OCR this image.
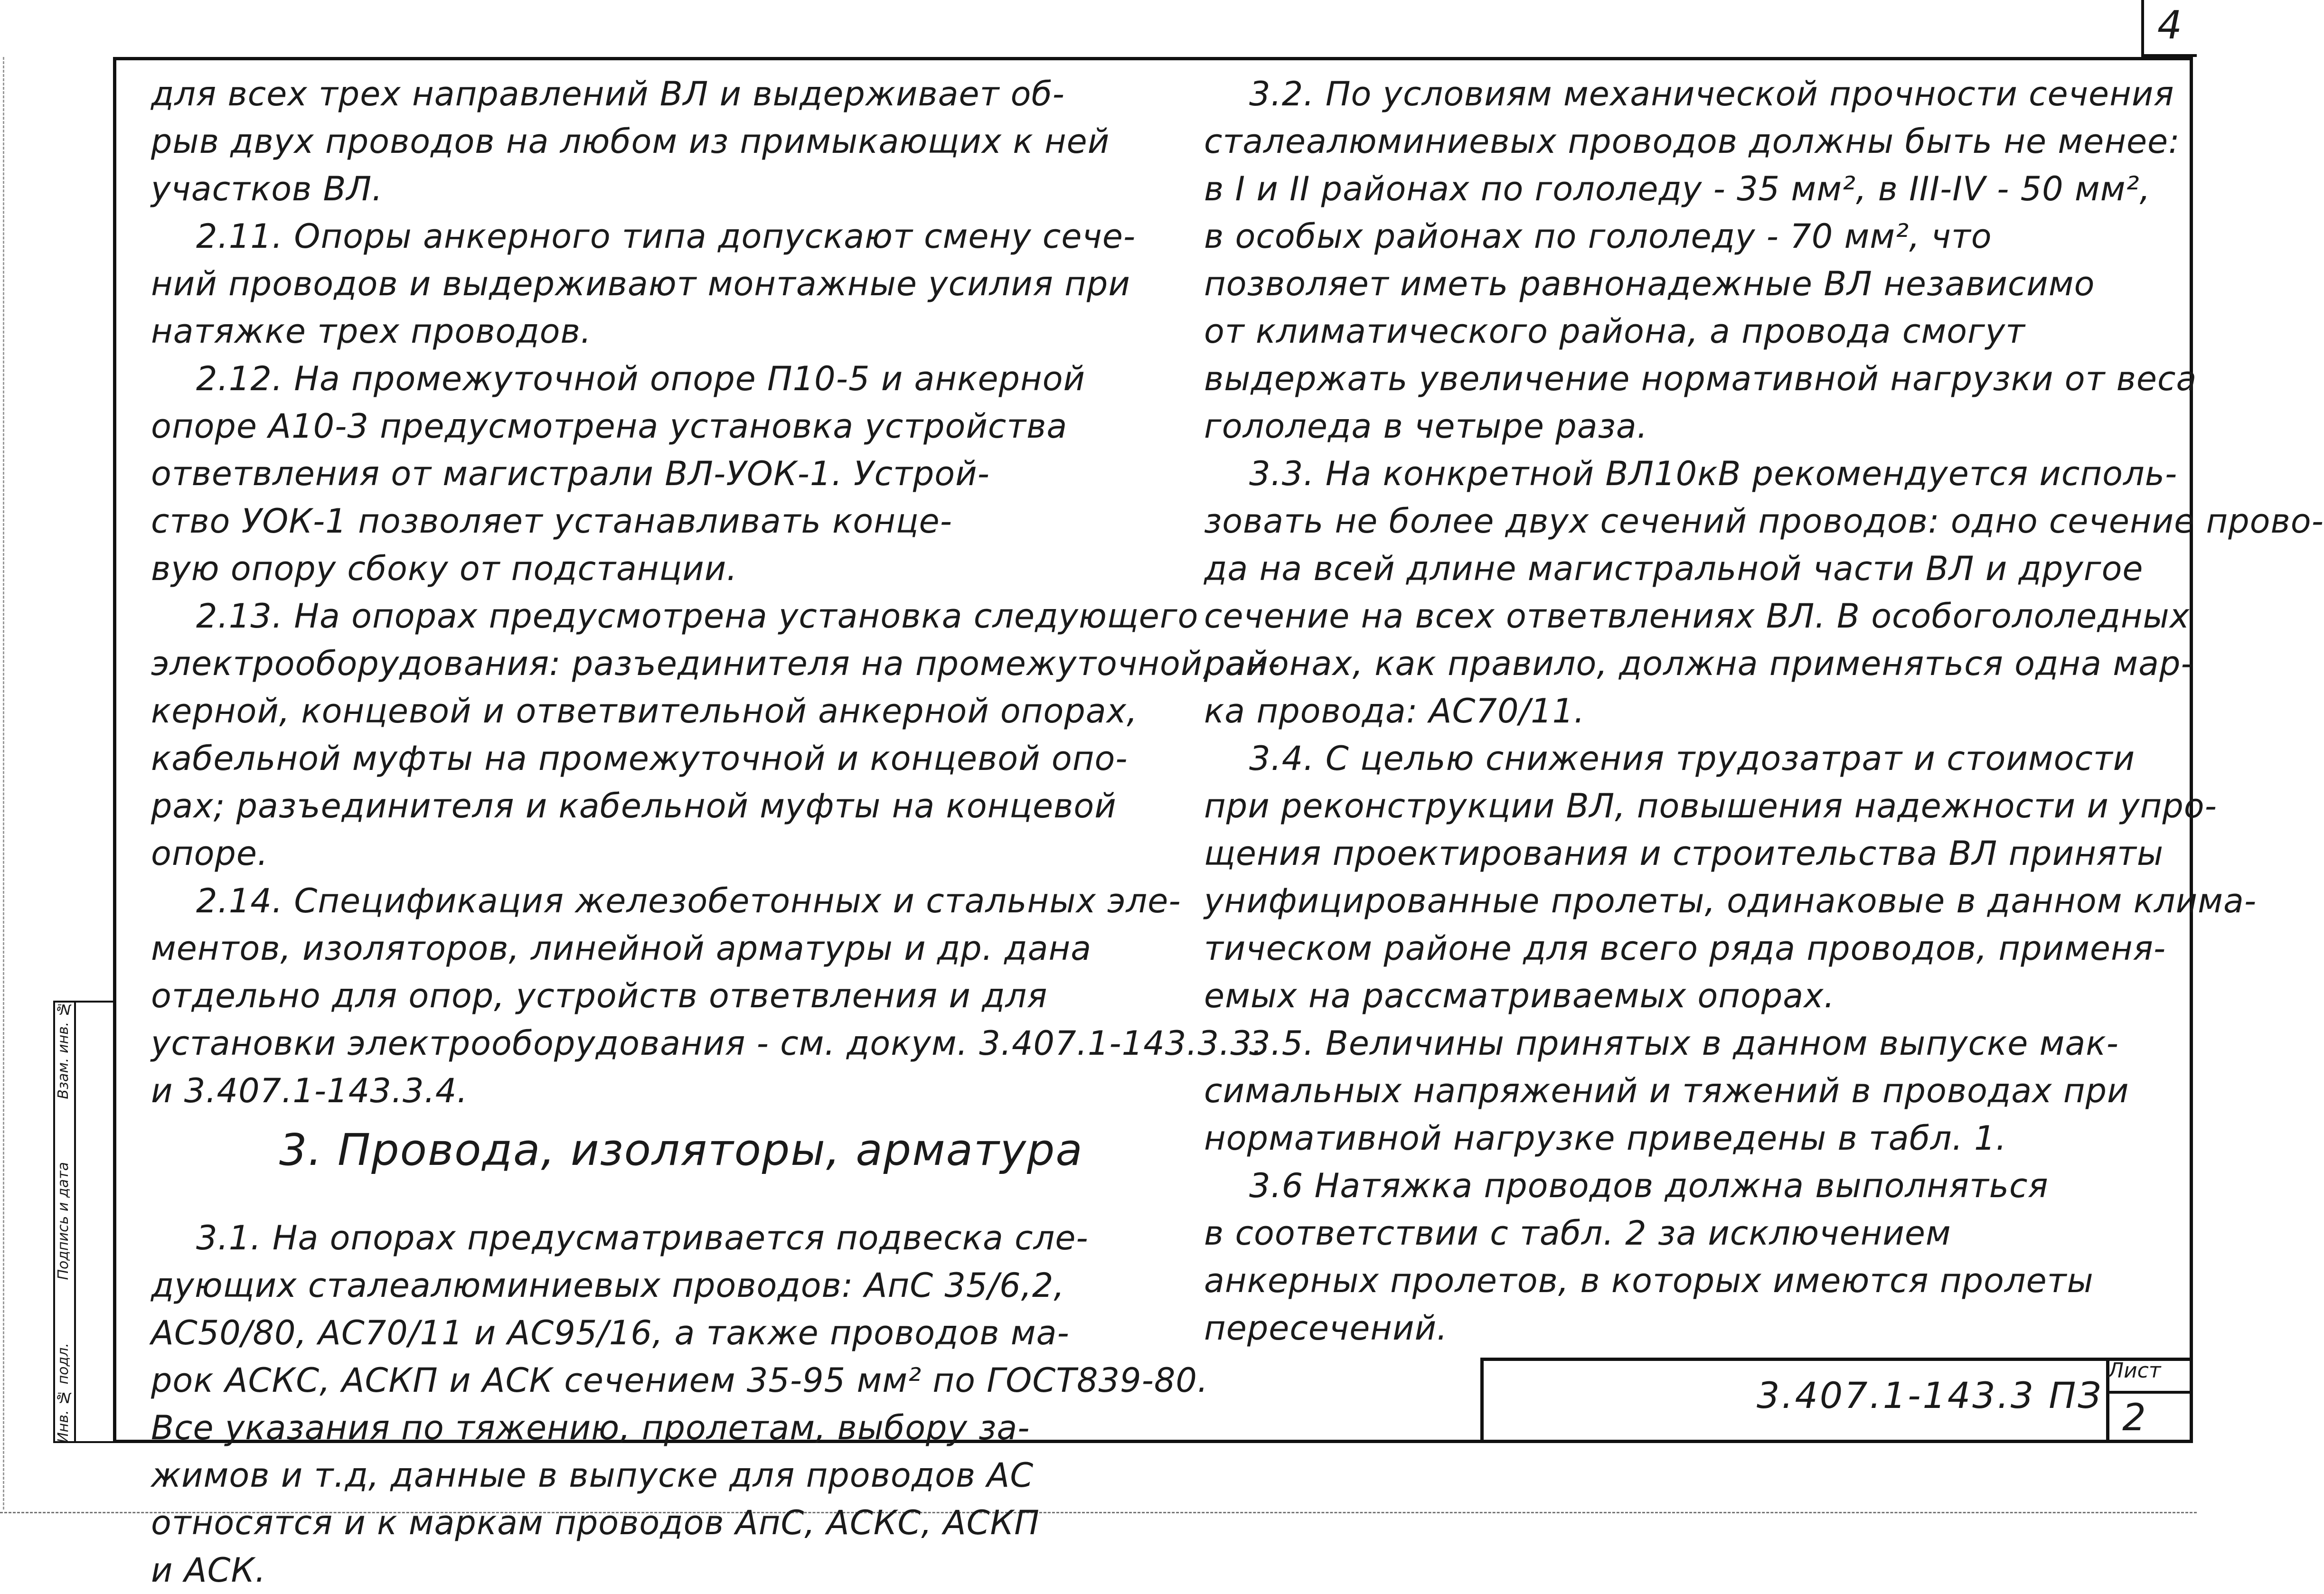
4
для всех трех направлений ВЛ и выдерживает об-
рыв двух проводов на любом из примыкающих к ней
участков ВЛ.
2.11. Опоры анкерного типа допускают смену сече-
ний проводов и выдерживают монтажные усилия при
натяжке трех проводов.
2.12. На промежуточной опоре П10-5 и анкерной
опоре А10-3 предусмотрена установка устройства
ответвления от магистрали ВЛ-УОК-1. Устрой-
ство УОК-1 позволяет устанавливать конце-
вую опору сбоку от подстанции.
2.13. На опорах предусмотрена установка следующего
электрооборудования: разъединителя на промежуточной, ан-
керной, концевой и ответвительной анкерной опорах,
кабельной муфты на промежуточной и концевой опо-
рах; разъединителя и кабельной муфты на концевой
опоре.
2.14. Спецификация железобетонных и стальных эле-
ментов, изоляторов, линейной арматуры и др. дана
отдельно для опор, устройств ответвления и для
установки электрооборудования - см. докум. 3.407.1-143.3.3.
и 3.407.1-143.3.4.
3. Провода, изоляторы, арматура
3.1. На опорах предусматривается подвеска сле-
дующих сталеалюминиевых проводов: АпС 35/6,2,
АС50/80, АС70/11 и АС95/16, а также проводов ма-
рок АСКС, АСКП и АСК сечением 35-95 мм² по ГОСТ839-80.
Все указания по тяжению, пролетам, выбору за-
жимов и т.д, данные в выпуске для проводов АС
относятся и к маркам проводов АпС, АСКС, АСКП
и АСК.
3.2. По условиям механической прочности сечения
сталеалюминиевых проводов должны быть не менее:
в I и II районах по гололеду - 35 мм², в III-IV - 50 мм²,
в особых районах по гололеду - 70 мм², что
позволяет иметь равнонадежные ВЛ независимо
от климатического района, а провода смогут
выдержать увеличение нормативной нагрузки от веса
гололеда в четыре раза.
3.3. На конкретной ВЛ10кВ рекомендуется исполь-
зовать не более двух сечений проводов: одно сечение прово-
да на всей длине магистральной части ВЛ и другое
сечение на всех ответвлениях ВЛ. В особогололедных
районах, как правило, должна применяться одна мар-
ка провода: АС70/11.
3.4. С целью снижения трудозатрат и стоимости
при реконструкции ВЛ, повышения надежности и упро-
щения проектирования и строительства ВЛ приняты
унифицированные пролеты, одинаковые в данном клима-
тическом районе для всего ряда проводов, применя-
емых на рассматриваемых опорах.
3.5. Величины принятых в данном выпуске мак-
симальных напряжений и тяжений в проводах при
нормативной нагрузке приведены в табл. 1.
3.6 Натяжка проводов должна выполняться
в соответствии с табл. 2 за исключением
анкерных пролетов, в которых имеются пролеты
пересечений.
Инв. № подл.
Подпись и дата
Взам. инв. №
3.407.1-143.3 ПЗ
Лист
2
